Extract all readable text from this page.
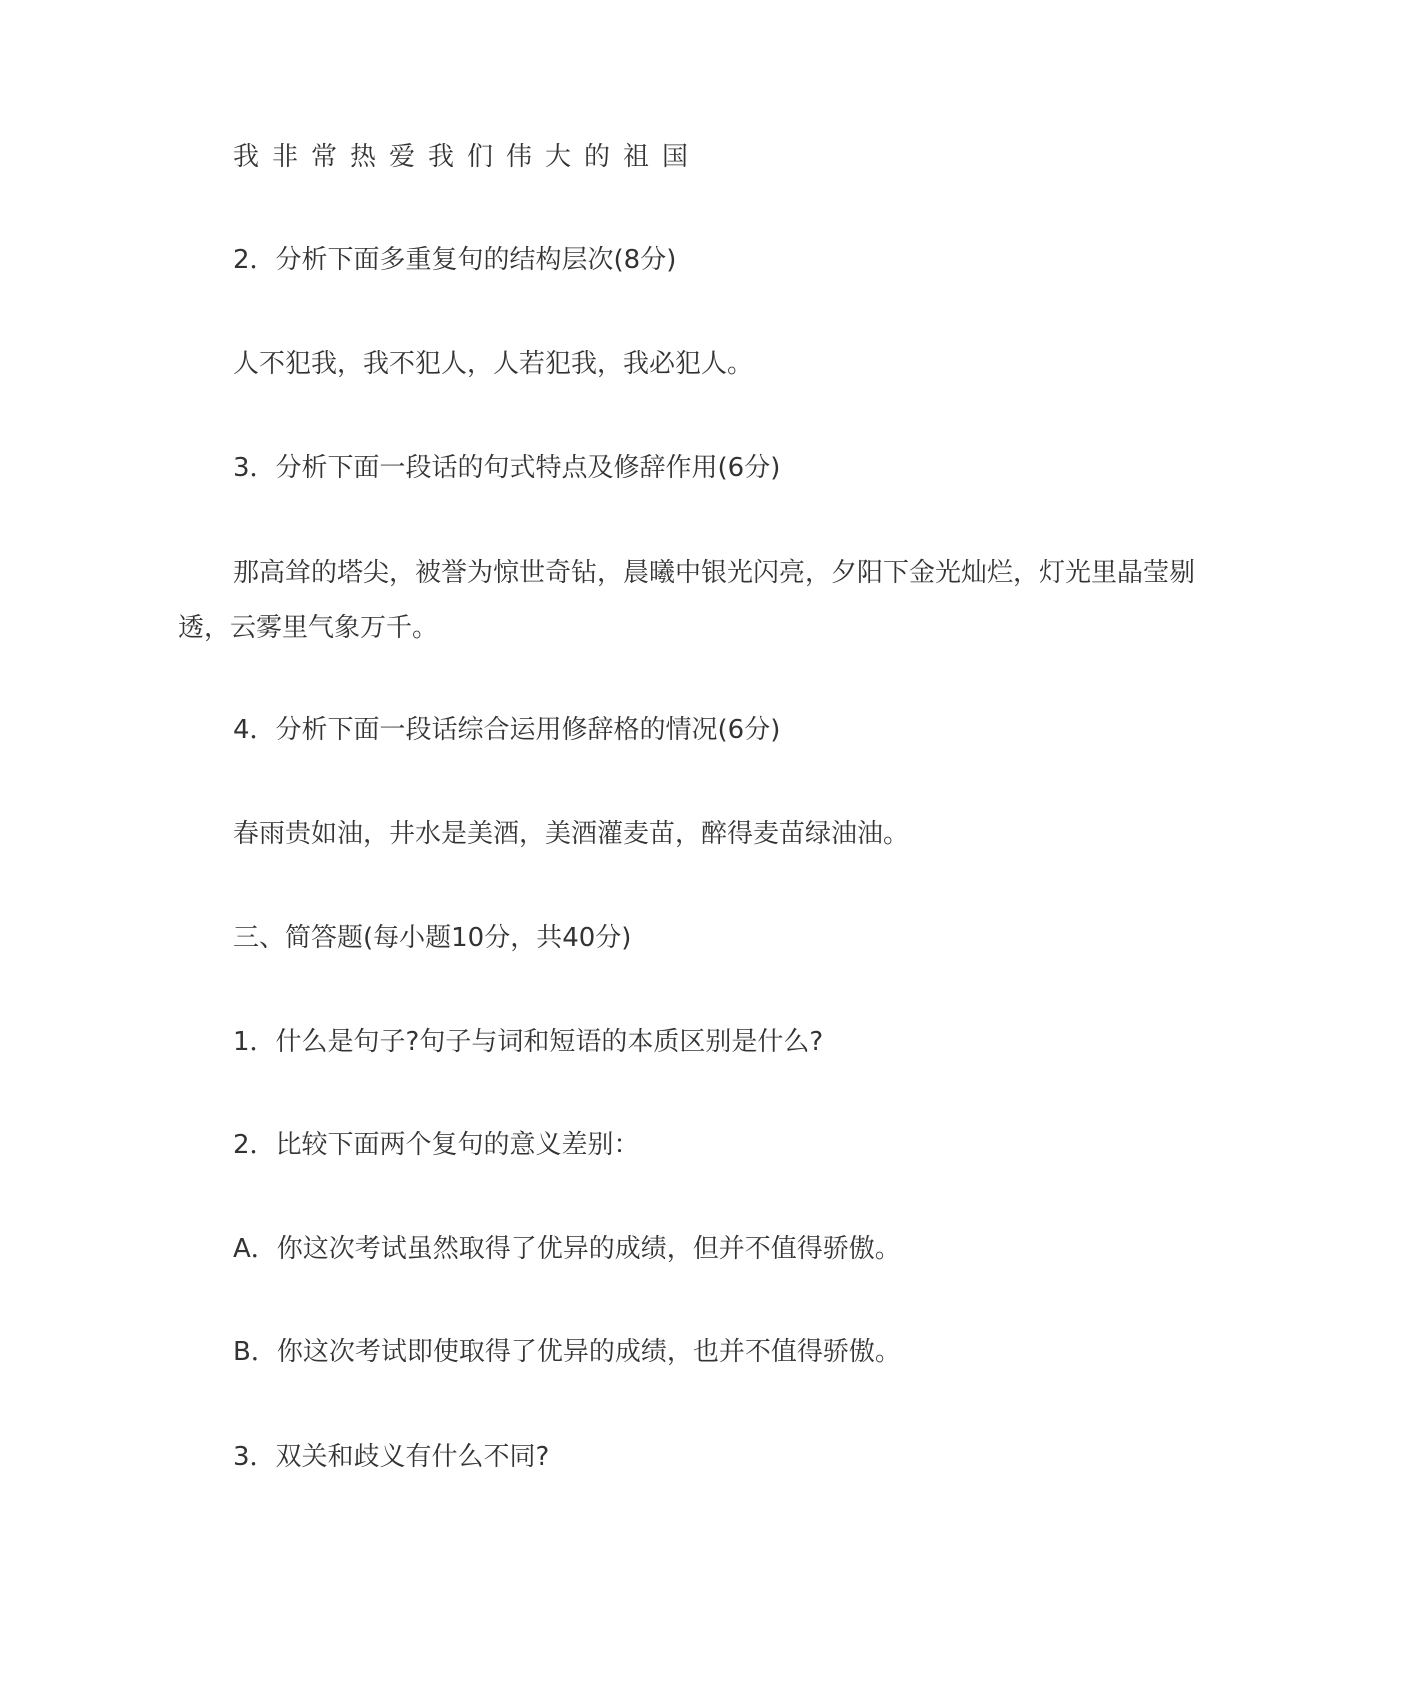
我非常热爱我们伟大的祖国

2．分析下面多重复句的结构层次(8分)

人不犯我，我不犯人，人若犯我，我必犯人。

3．分析下面一段话的句式特点及修辞作用(6分)

那高耸的塔尖，被誉为惊世奇钻，晨曦中银光闪亮，夕阳下金光灿烂，灯光里晶莹剔透，云雾里气象万千。

4．分析下面一段话综合运用修辞格的情况(6分)

春雨贵如油，井水是美酒，美酒灌麦苗，醉得麦苗绿油油。

三、简答题(每小题10分，共40分)

1．什么是句子?句子与词和短语的本质区别是什么?

2．比较下面两个复句的意义差别：

A．你这次考试虽然取得了优异的成绩，但并不值得骄傲。

B．你这次考试即使取得了优异的成绩，也并不值得骄傲。

3．双关和歧义有什么不同?
